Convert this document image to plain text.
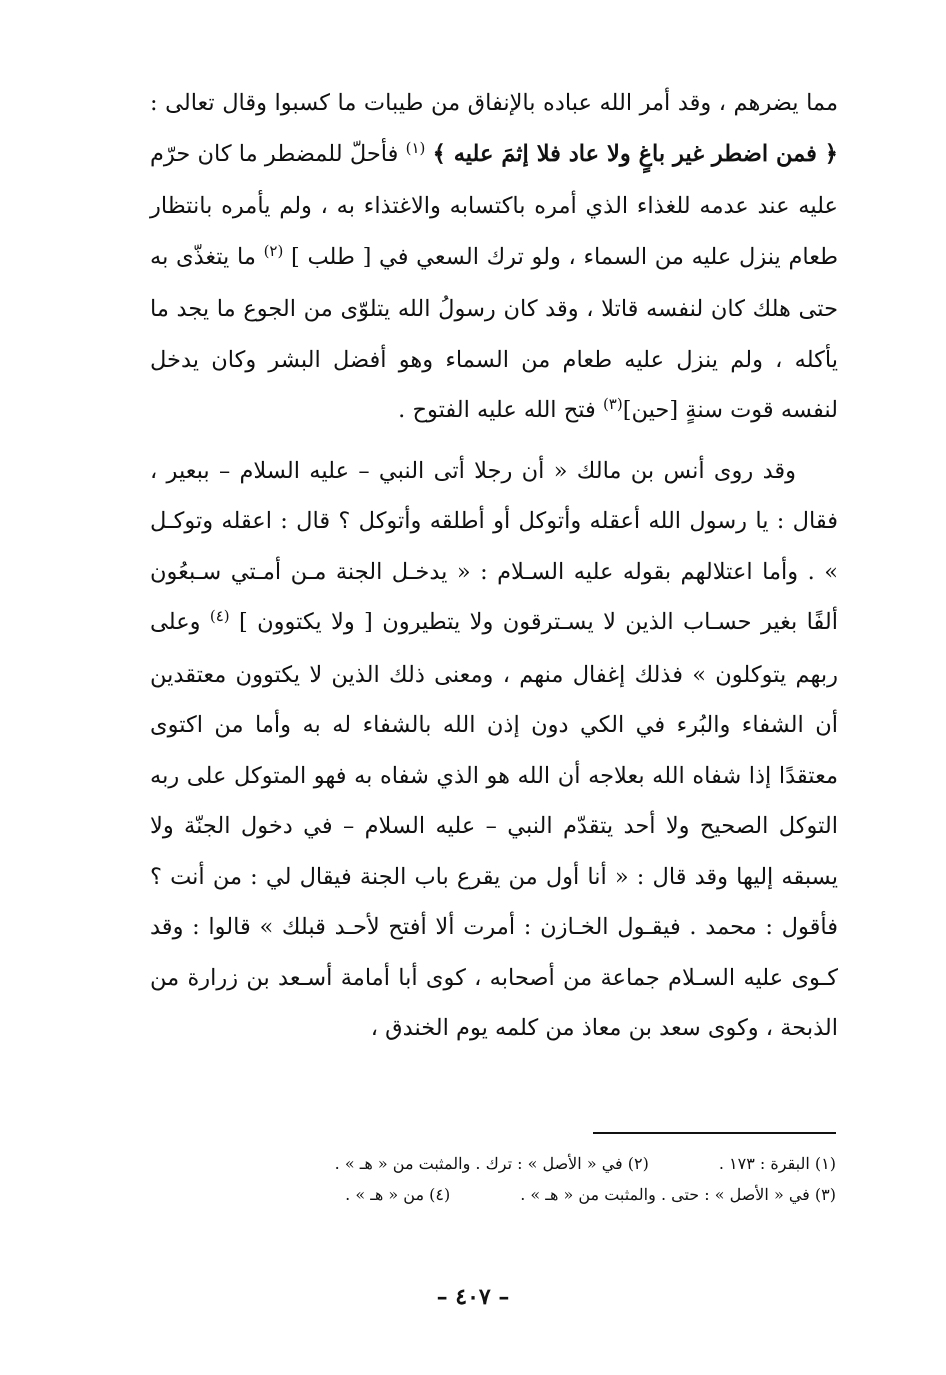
مما يضرهم ، وقد أمر الله عباده بالإنفاق من طيبات ما كسبوا وقال تعالى : ﴿ فمن اضطر غير باغٍ ولا عاد فلا إثمَ عليه ﴾ $^{(١)}$ فأحلّ للمضطر ما كان حرّم عليه عند عدمه للغذاء الذي أمره باكتسابه والاغتذاء به ، ولم يأمره بانتظار طعام ينزل عليه من السماء ، ولو ترك السعي في [ طلب ] $^{(٢)}$ ما يتغذّى به حتى هلك كان لنفسه قاتلا ، وقد كان رسولُ الله يتلوّى من الجوع ما يجد ما يأكله ، ولم ينزل عليه طعام من السماء وهو أفضل البشر وكان يدخل لنفسه قوت سنةٍ [حين]$^{(٣)}$ فتح الله عليه الفتوح .

وقد روى أنس بن مالك « أن رجلا أتى النبي – عليه السلام – ببعير ، فقال : يا رسول الله أعقله وأتوكل أو أطلقه وأتوكل ؟ قال : اعقله وتوكـل » . وأما اعتلالهم بقوله عليه السـلام : « يدخـل الجنة مـن أمـتي سـبعُون ألفًا بغير حسـاب الذين لا يسـترقون ولا يتطيرون [ ولا يكتوون ] $^{(٤)}$ وعلى ربهم يتوكلون » فذلك إغفال منهم ، ومعنى ذلك الذين لا يكتوون معتقدين أن الشفاء والبُرء في الكي دون إذن الله بالشفاء له به وأما من اكتوى معتقدًا إذا شفاه الله بعلاجه أن الله هو الذي شفاه به فهو المتوكل على ربه التوكل الصحيح ولا أحد يتقدّم النبي – عليه السلام – في دخول الجنّة ولا يسبقه إليها وقد قال : « أنا أول من يقرع باب الجنة فيقال لي : من أنت ؟ فأقول : محمد . فيقـول الخـازن : أمرت ألا أفتح لأحـد قبلك » قالوا : وقد كـوى عليه السـلام جماعة من أصحابه ، كوى أبا أمامة أسـعد بن زرارة من الذبحة ، وكوى سعد بن معاذ من كلمه يوم الخندق ،

(١) البقرة : ١٧٣ .
(٢) في « الأصل » : ترك . والمثبت من « هـ » .
(٣) في « الأصل » : حتى . والمثبت من « هـ » .
(٤) من « هـ » .
– ٤٠٧ –
